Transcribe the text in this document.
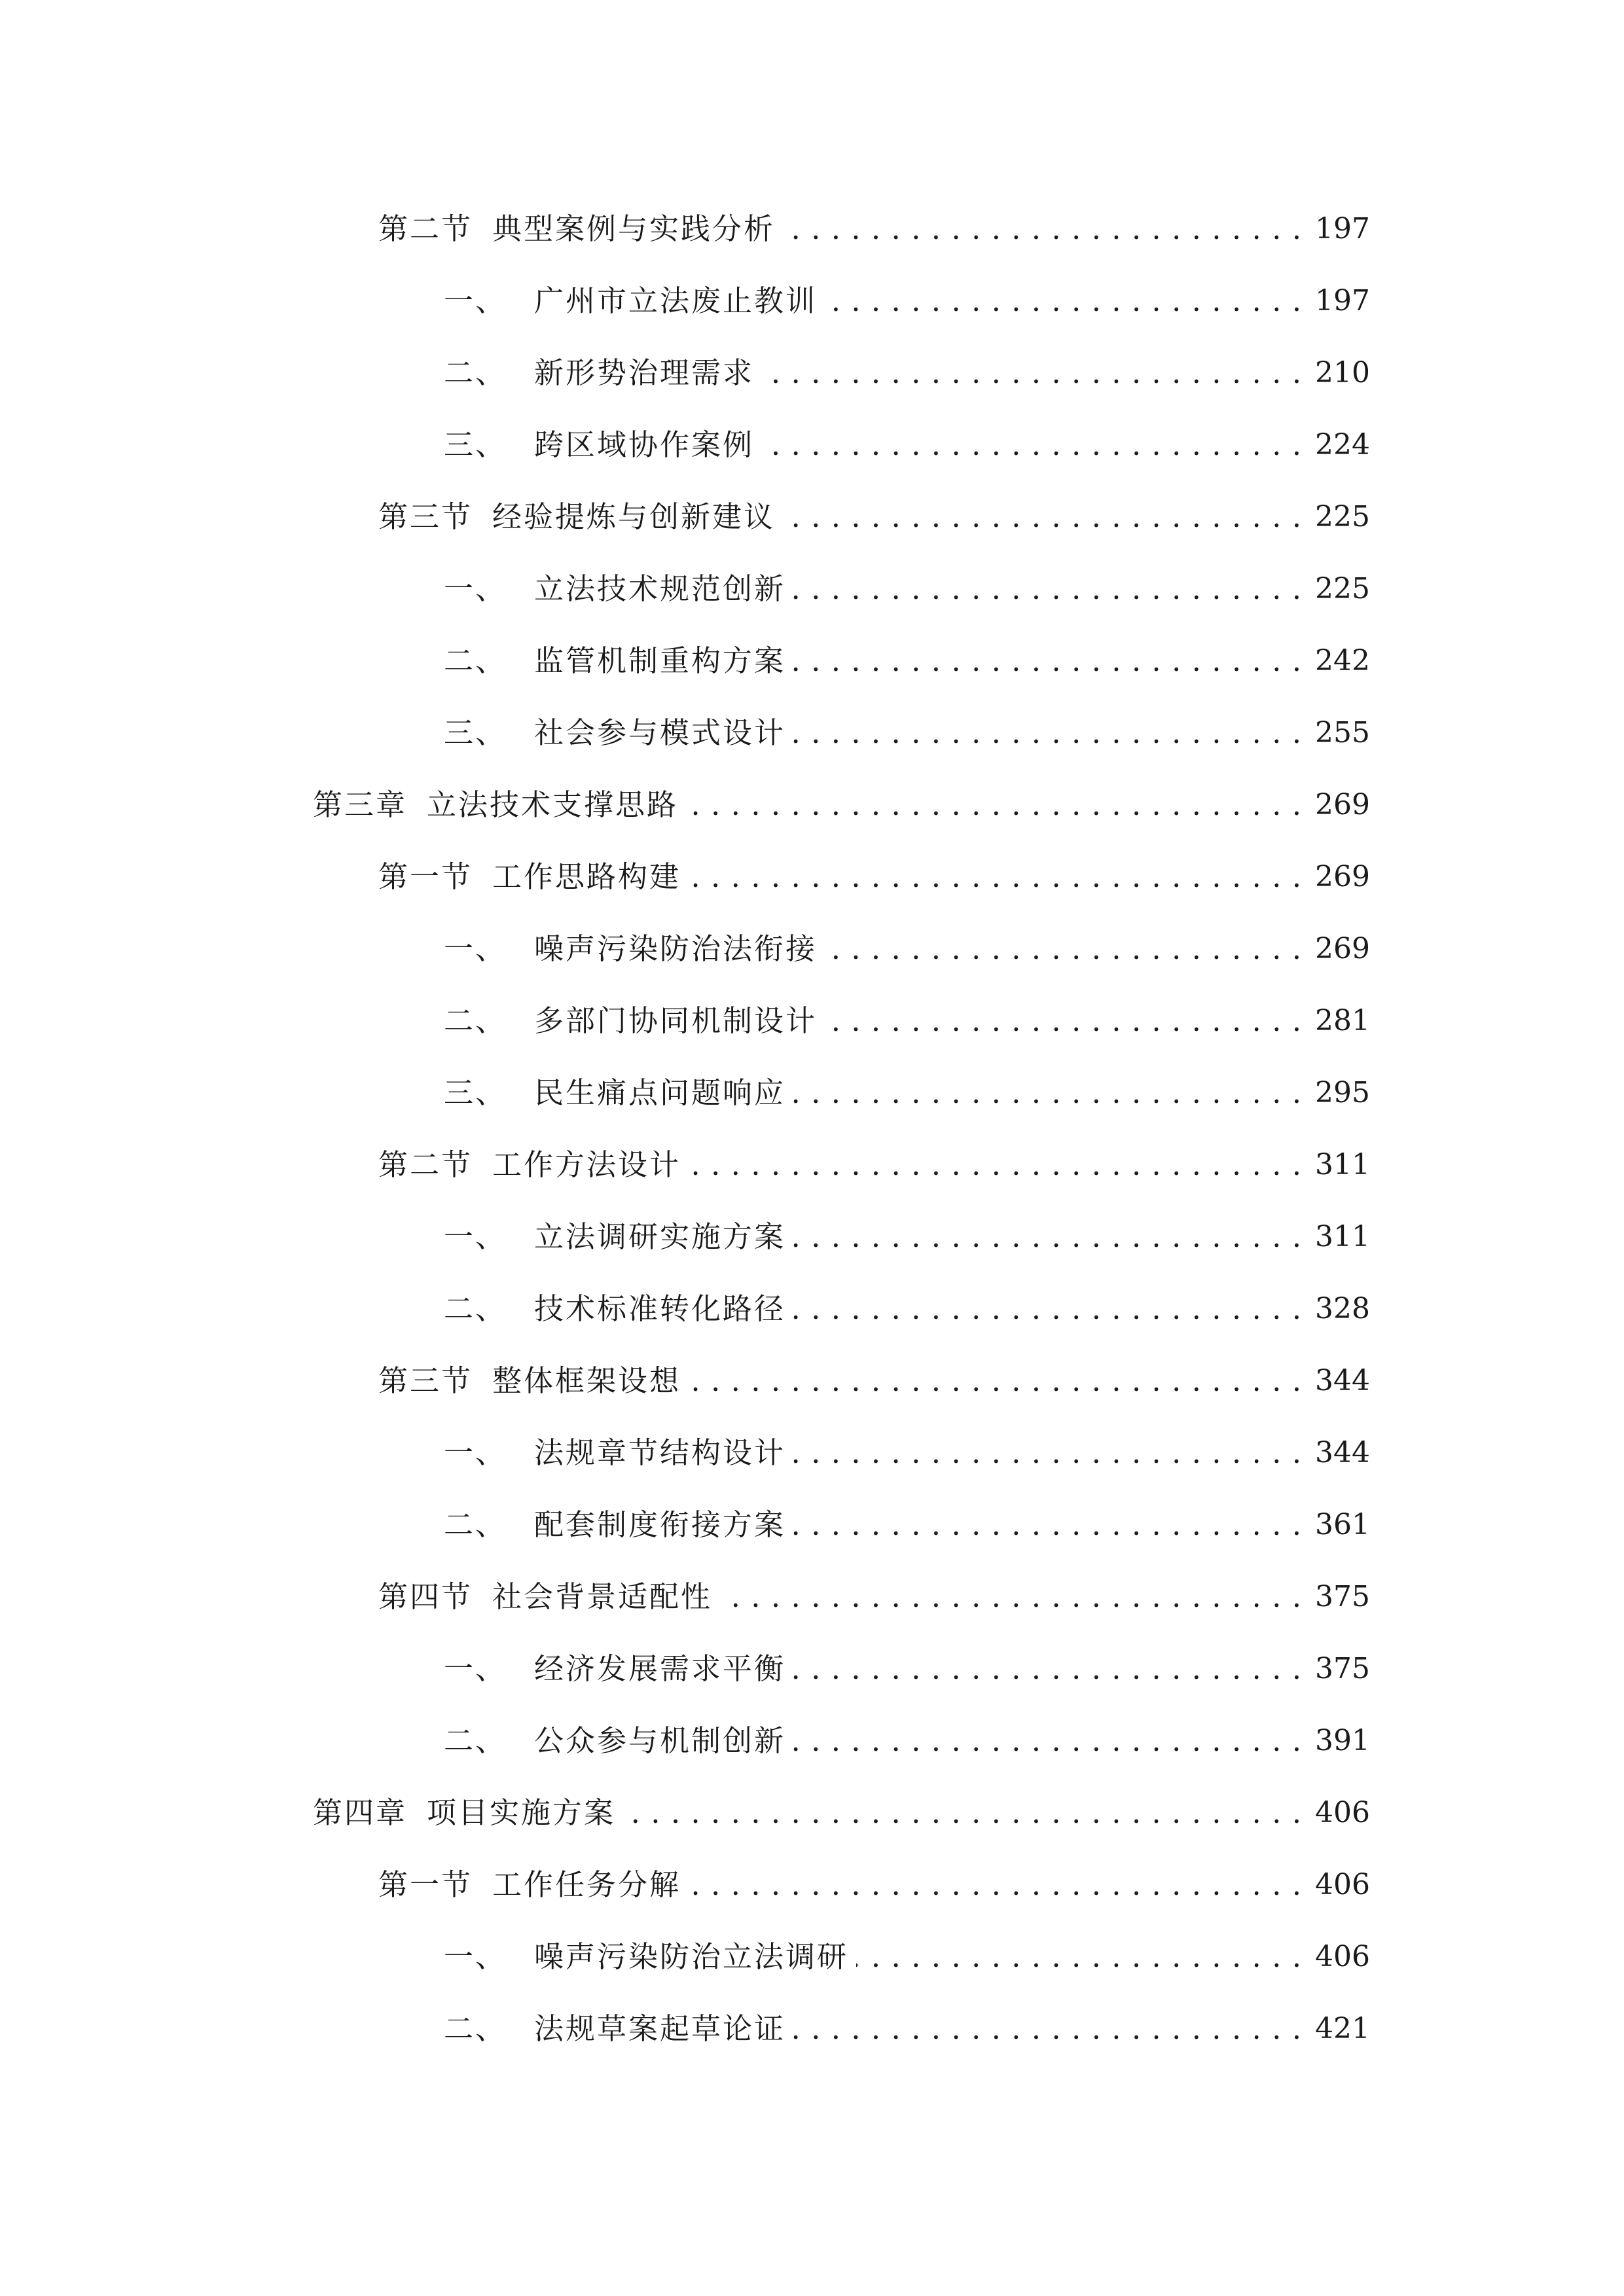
第二节 典型案例与实践分析 . . .	197
一、 广州市立法废止教训 . . .	197
二、 新形势治理需求 . . .	210
三、 跨区域协作案例 . . .	224
第三节 经验提炼与创新建议 . . .	225
一、 立法技术规范创新 . . .	225
二、 监管机制重构方案 . . .	242
三、 社会参与模式设计 . . .	255
第三章 立法技术支撑思路 . . .	269
第一节 工作思路构建 . . .	269
一、 噪声污染防治法衔接 . . .	269
二、 多部门协同机制设计 . . .	281
三、 民生痛点问题响应 . . .	295
第二节 工作方法设计 . . .	311
一、 立法调研实施方案 . . .	311
二、 技术标准转化路径 . . .	328
第三节 整体框架设想 . . .	344
一、 法规章节结构设计 . . .	344
二、 配套制度衔接方案 . . .	361
第四节 社会背景适配性 . . .	375
一、 经济发展需求平衡 . . .	375
二、 公众参与机制创新 . . .	391
第四章 项目实施方案 . . .	406
第一节 工作任务分解 . . .	406
一、 噪声污染防治立法调研 . . .	406
二、 法规草案起草论证 . . .	421
